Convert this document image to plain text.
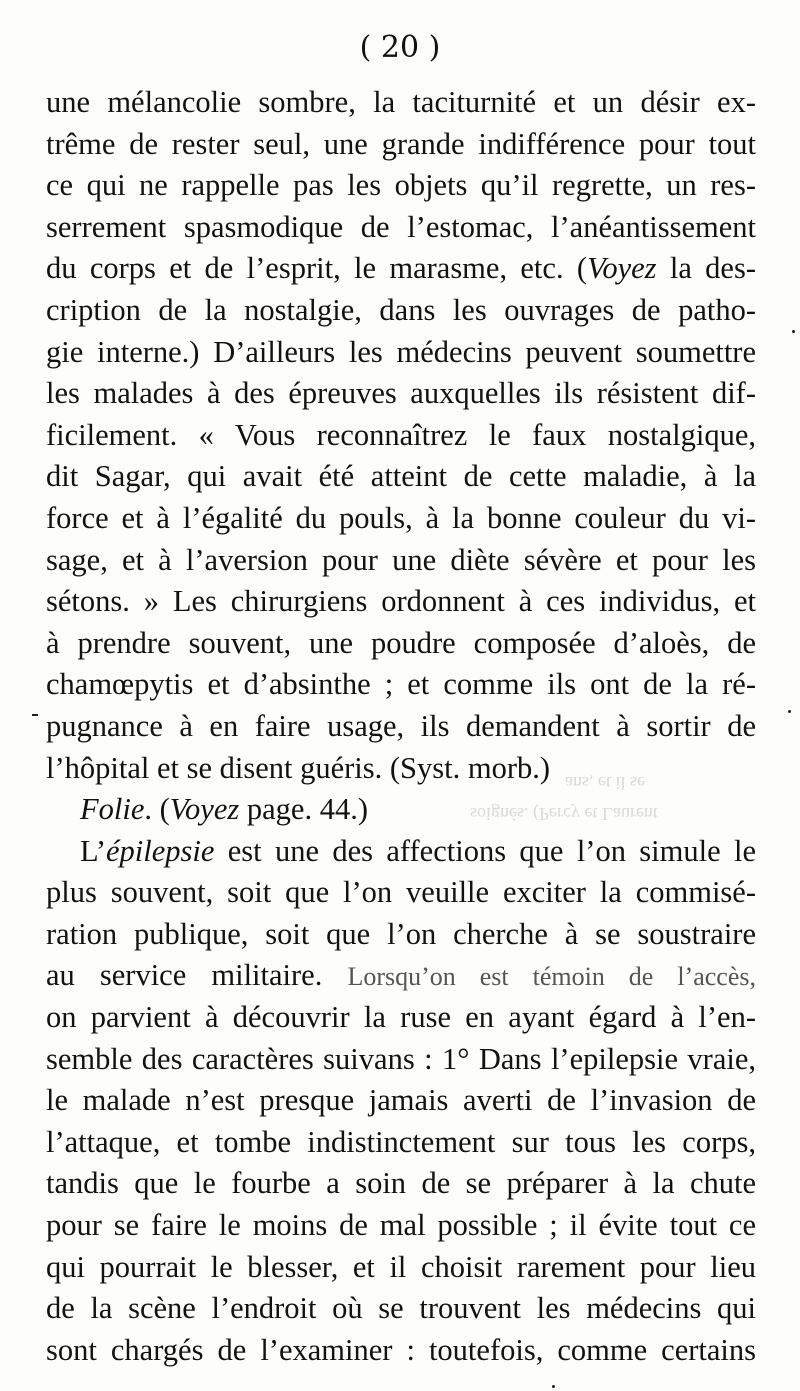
( 20 )
une mélancolie sombre, la taciturnité et un désir ex-
trême de rester seul, une grande indifférence pour tout
ce qui ne rappelle pas les objets qu’il regrette, un res-
serrement spasmodique de l’estomac, l’anéantissement
du corps et de l’esprit, le marasme, etc. (Voyez la des-
cription de la nostalgie, dans les ouvrages de patho-
gie interne.) D’ailleurs les médecins peuvent soumettre
les malades à des épreuves auxquelles ils résistent dif-
ficilement. « Vous reconnaîtrez le faux nostalgique,
dit Sagar, qui avait été atteint de cette maladie, à la
force et à l’égalité du pouls, à la bonne couleur du vi-
sage, et à l’aversion pour une diète sévère et pour les
sétons. » Les chirurgiens ordonnent à ces individus, et
à prendre souvent, une poudre composée d’aloès, de
chamœpytis et d’absinthe ; et comme ils ont de la ré-
pugnance à en faire usage, ils demandent à sortir de
l’hôpital et se disent guéris. (Syst. morb.)
Folie. (Voyez page. 44.)
L’épilepsie est une des affections que l’on simule le
plus souvent, soit que l’on veuille exciter la commisé-
ration publique, soit que l’on cherche à se soustraire
au service militaire. Lorsqu’on est témoin de l’accès,
on parvient à découvrir la ruse en ayant égard à l’en-
semble des caractères suivans : 1° Dans l’epilepsie vraie,
le malade n’est presque jamais averti de l’invasion de
l’attaque, et tombe indistinctement sur tous les corps,
tandis que le fourbe a soin de se préparer à la chute
pour se faire le moins de mal possible ; il évite tout ce
qui pourrait le blesser, et il choisit rarement pour lieu
de la scène l’endroit où se trouvent les médecins qui
sont chargés de l’examiner : toutefois, comme certains
ans, et il se
soignés. (Percy et Laurent
